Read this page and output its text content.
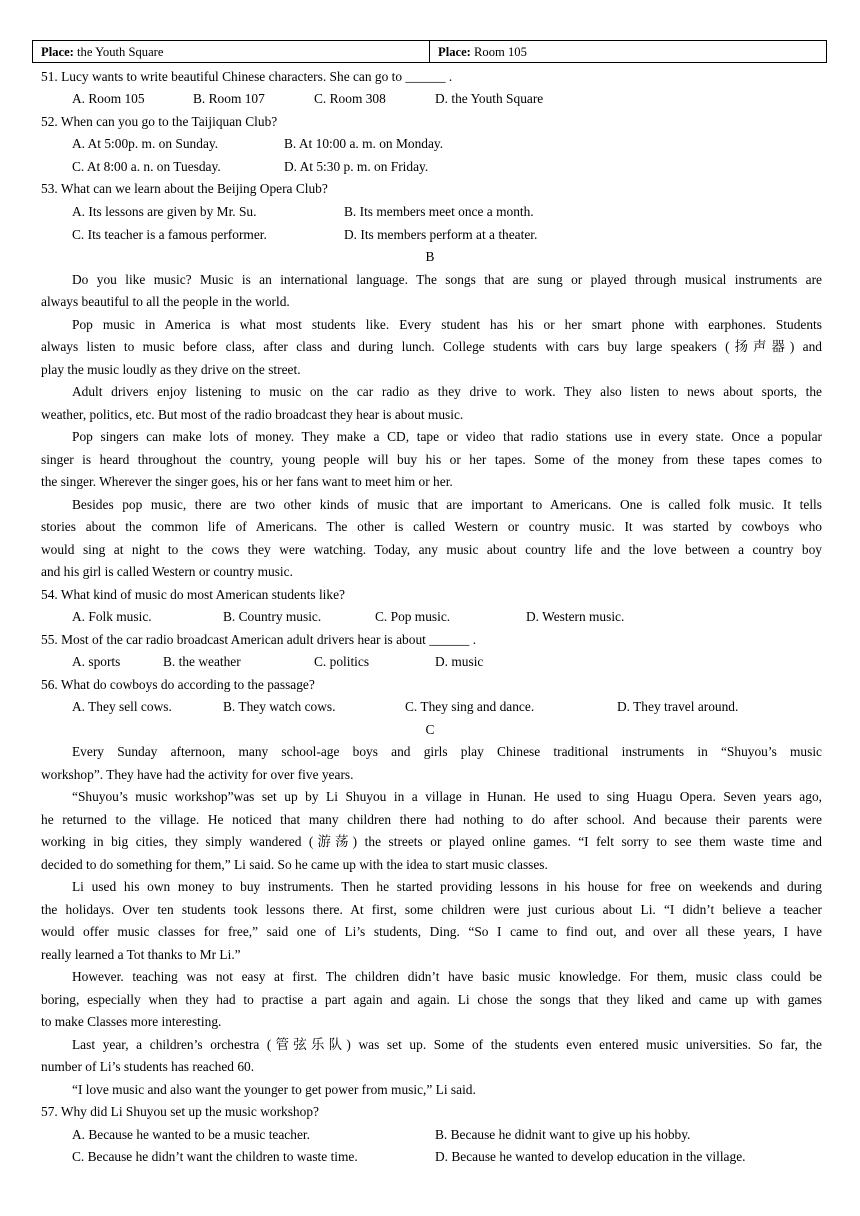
Place: the Youth Square	Place: Room 105
51. Lucy wants to write beautiful Chinese characters. She can go to ______ .
A. Room 105	B. Room 107	C. Room 308	D. the Youth Square
52. When can you go to the Taijiquan Club?
A. At 5:00p. m. on Sunday.	B. At 10:00 a. m. on Monday.
C. At 8:00 a. n. on Tuesday.	D. At 5:30 p. m. on Friday.
53. What can we learn about the Beijing Opera Club?
A. Its lessons are given by Mr. Su.	B. Its members meet once a month.
C. Its teacher is a famous performer.	D. Its members perform at a theater.
B
Do you like music? Music is an international language. The songs that are sung or played through musical instruments are
always beautiful to all the people in the world.
Pop music in America is what most students like. Every student has his or her smart phone with earphones. Students
always listen to music before class, after class and during lunch. College students with cars buy large speakers (扬声器) and
play the music loudly as they drive on the street.
Adult drivers enjoy listening to music on the car radio as they drive to work. They also listen to news about sports, the
weather, politics, etc. But most of the radio broadcast they hear is about music.
Pop singers can make lots of money. They make a CD, tape or video that radio stations use in every state. Once a popular
singer is heard throughout the country, young people will buy his or her tapes. Some of the money from these tapes comes to
the singer. Wherever the singer goes, his or her fans want to meet him or her.
Besides pop music, there are two other kinds of music that are important to Americans. One is called folk music. It tells
stories about the common life of Americans. The other is called Western or country music. It was started by cowboys who
would sing at night to the cows they were watching. Today, any music about country life and the love between a country boy
and his girl is called Western or country music.
54. What kind of music do most American students like?
A. Folk music.	B. Country music.	C. Pop music.	D. Western music.
55. Most of the car radio broadcast American adult drivers hear is about ______ .
A. sports	B. the weather	C. politics	D. music
56. What do cowboys do according to the passage?
A. They sell cows.	B. They watch cows.	C. They sing and dance.	D. They travel around.
C
Every Sunday afternoon, many school-age boys and girls play Chinese traditional instruments in “Shuyou’s music
workshop”. They have had the activity for over five years.
“Shuyou’s music workshop”was set up by Li Shuyou in a village in Hunan. He used to sing Huagu Opera. Seven years ago,
he returned to the village. He noticed that many children there had nothing to do after school. And because their parents were
working in big cities, they simply wandered (游荡) the streets or played online games. “I felt sorry to see them waste time and
decided to do something for them,” Li said. So he came up with the idea to start music classes.
Li used his own money to buy instruments. Then he started providing lessons in his house for free on weekends and during
the holidays. Over ten students took lessons there. At first, some children were just curious about Li. “I didn’t believe a teacher
would offer music classes for free,” said one of Li’s students, Ding. “So I came to find out, and over all these years, I have
really learned a Tot thanks to Mr Li.”
However. teaching was not easy at first. The children didn’t have basic music knowledge. For them, music class could be
boring, especially when they had to practise a part again and again. Li chose the songs that they liked and came up with games
to make Classes more interesting.
Last year, a children’s orchestra (管弦乐队) was set up. Some of the students even entered music universities. So far, the
number of Li’s students has reached 60.
“I love music and also want the younger to get power from music,” Li said.
57. Why did Li Shuyou set up the music workshop?
A. Because he wanted to be a music teacher.	B. Because he didnit want to give up his hobby.
C. Because he didn’t want the children to waste time.	D. Because he wanted to develop education in the village.
